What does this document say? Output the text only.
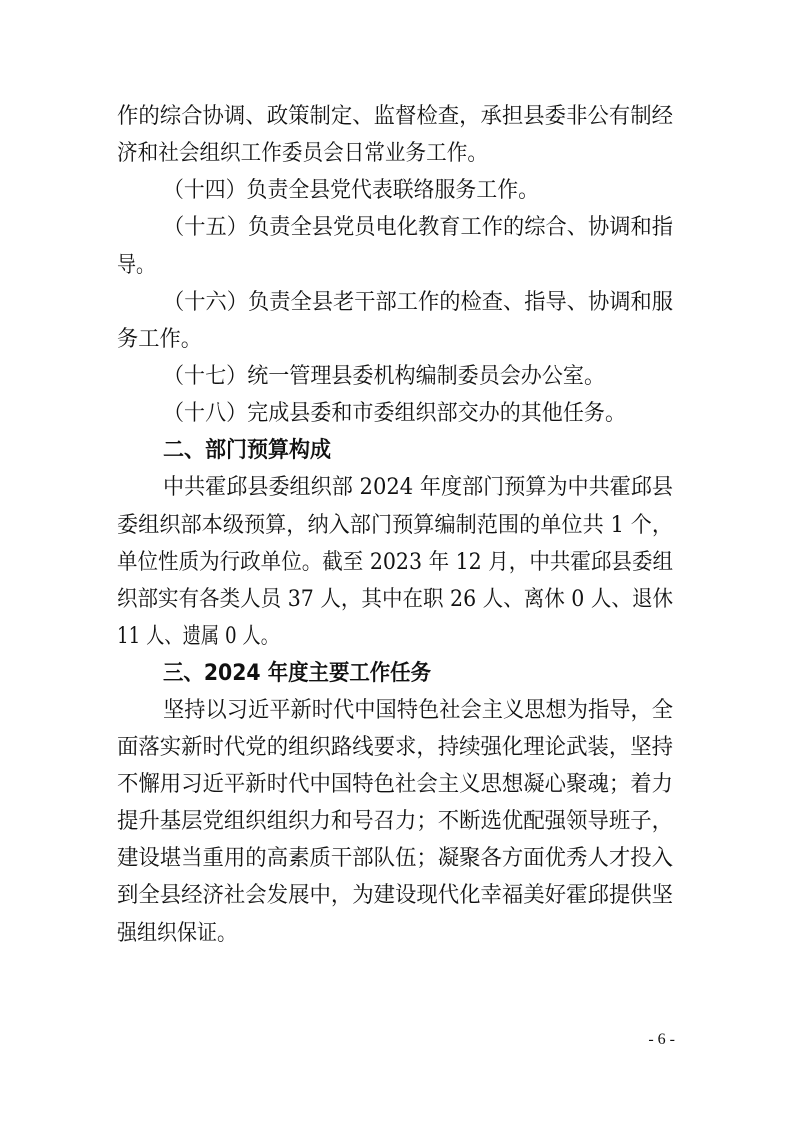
作的综合协调、政策制定、监督检查，承担县委非公有制经
济和社会组织工作委员会日常业务工作。
（十四）负责全县党代表联络服务工作。
（十五）负责全县党员电化教育工作的综合、协调和指
导。
（十六）负责全县老干部工作的检查、指导、协调和服
务工作。
（十七）统一管理县委机构编制委员会办公室。
（十八）完成县委和市委组织部交办的其他任务。
二、部门预算构成
中共霍邱县委组织部 2024 年度部门预算为中共霍邱县
委组织部本级预算，纳入部门预算编制范围的单位共 1 个，
单位性质为行政单位。截至 2023 年 12 月，中共霍邱县委组
织部实有各类人员 37 人，其中在职 26 人、离休 0 人、退休
11 人、遗属 0 人。
三、2024 年度主要工作任务
坚持以习近平新时代中国特色社会主义思想为指导，全
面落实新时代党的组织路线要求，持续强化理论武装，坚持
不懈用习近平新时代中国特色社会主义思想凝心聚魂；着力
提升基层党组织组织力和号召力；不断选优配强领导班子，
建设堪当重用的高素质干部队伍；凝聚各方面优秀人才投入
到全县经济社会发展中，为建设现代化幸福美好霍邱提供坚
强组织保证。
- 6 -
